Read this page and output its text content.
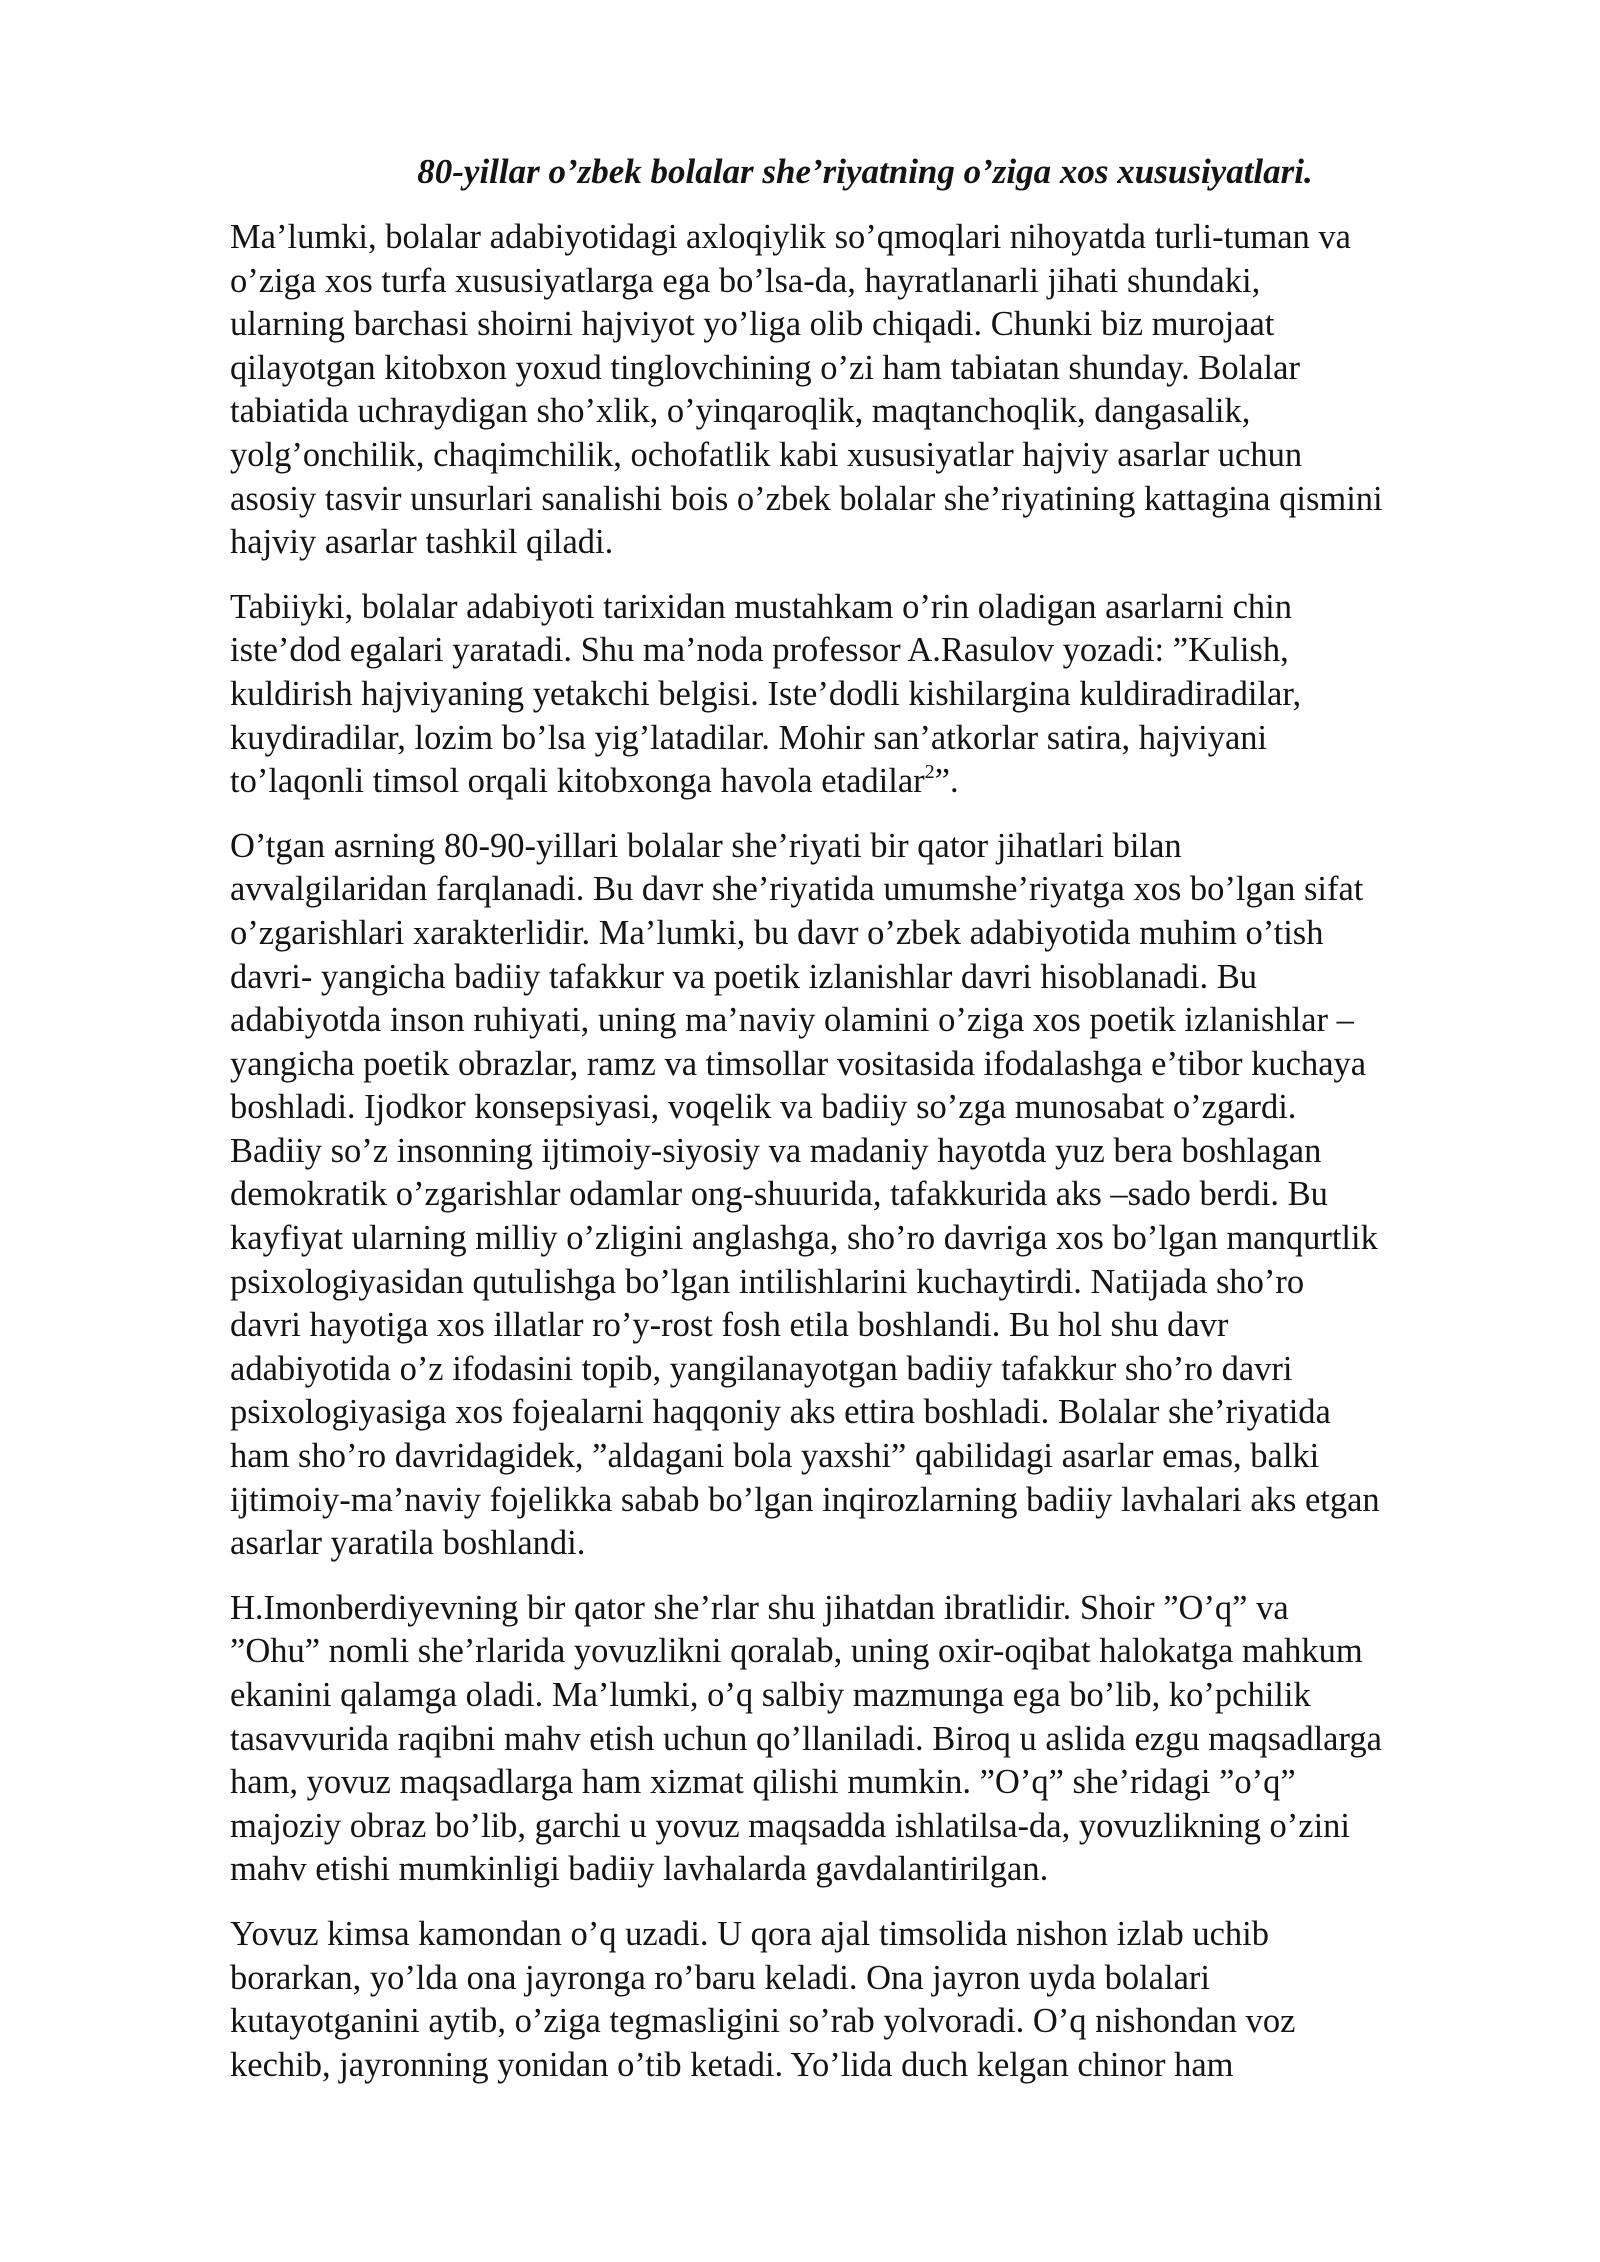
80-yillar o’zbek bolalar she’riyatning o’ziga xos xususiyatlari.
Ma’lumki, bolalar adabiyotidagi axloqiylik so’qmoqlari nihoyatda turli-tuman va
o’ziga xos turfa xususiyatlarga ega bo’lsa-da, hayratlanarli jihati shundaki,
ularning barchasi shoirni hajviyot yo’liga olib chiqadi. Chunki biz murojaat
qilayotgan kitobxon yoxud tinglovchining o’zi ham tabiatan shunday. Bolalar
tabiatida uchraydigan sho’xlik, o’yinqaroqlik, maqtanchoqlik, dangasalik,
yolg’onchilik, chaqimchilik, ochofatlik kabi xususiyatlar hajviy asarlar uchun
asosiy tasvir unsurlari sanalishi bois o’zbek bolalar she’riyatining kattagina qismini
hajviy asarlar tashkil qiladi.
Tabiiyki, bolalar adabiyoti tarixidan mustahkam o’rin oladigan asarlarni chin
iste’dod egalari yaratadi. Shu ma’noda professor A.Rasulov yozadi: ”Kulish,
kuldirish hajviyaning yetakchi belgisi. Iste’dodli kishilargina kuldiradiradilar,
kuydiradilar, lozim bo’lsa yig’latadilar. Mohir san’atkorlar satira, hajviyani
to’laqonli timsol orqali kitobxonga havola etadilar$^2$”.
O’tgan asrning 80-90-yillari bolalar she’riyati bir qator jihatlari bilan
avvalgilaridan farqlanadi. Bu davr she’riyatida umumshe’riyatga xos bo’lgan sifat
o’zgarishlari xarakterlidir. Ma’lumki, bu davr o’zbek adabiyotida muhim o’tish
davri- yangicha badiiy tafakkur va poetik izlanishlar davri hisoblanadi. Bu
adabiyotda inson ruhiyati, uning ma’naviy olamini o’ziga xos poetik izlanishlar –
yangicha poetik obrazlar, ramz va timsollar vositasida ifodalashga e’tibor kuchaya
boshladi. Ijodkor konsepsiyasi, voqelik va badiiy so’zga munosabat o’zgardi.
Badiiy so’z insonning ijtimoiy-siyosiy va madaniy hayotda yuz bera boshlagan
demokratik o’zgarishlar odamlar ong-shuurida, tafakkurida aks –sado berdi. Bu
kayfiyat ularning milliy o’zligini anglashga, sho’ro davriga xos bo’lgan manqurtlik
psixologiyasidan qutulishga bo’lgan intilishlarini kuchaytirdi. Natijada sho’ro
davri hayotiga xos illatlar ro’y-rost fosh etila boshlandi. Bu hol shu davr
adabiyotida o’z ifodasini topib, yangilanayotgan badiiy tafakkur sho’ro davri
psixologiyasiga xos fojealarni haqqoniy aks ettira boshladi. Bolalar she’riyatida
ham sho’ro davridagidek, ”aldagani bola yaxshi” qabilidagi asarlar emas, balki
ijtimoiy-ma’naviy fojelikka sabab bo’lgan inqirozlarning badiiy lavhalari aks etgan
asarlar yaratila boshlandi.
H.Imonberdiyevning bir qator she’rlar shu jihatdan ibratlidir. Shoir ”O’q” va
”Ohu” nomli she’rlarida yovuzlikni qoralab, uning oxir-oqibat halokatga mahkum
ekanini qalamga oladi. Ma’lumki, o’q salbiy mazmunga ega bo’lib, ko’pchilik
tasavvurida raqibni mahv etish uchun qo’llaniladi. Biroq u aslida ezgu maqsadlarga
ham, yovuz maqsadlarga ham xizmat qilishi mumkin. ”O’q” she’ridagi ”o’q”
majoziy obraz bo’lib, garchi u yovuz maqsadda ishlatilsa-da, yovuzlikning o’zini
mahv etishi mumkinligi badiiy lavhalarda gavdalantirilgan.
Yovuz kimsa kamondan o’q uzadi. U qora ajal timsolida nishon izlab uchib
borarkan, yo’lda ona jayronga ro’baru keladi. Ona jayron uyda bolalari
kutayotganini aytib, o’ziga tegmasligini so’rab yolvoradi. O’q nishondan voz
kechib, jayronning yonidan o’tib ketadi. Yo’lida duch kelgan chinor ham
